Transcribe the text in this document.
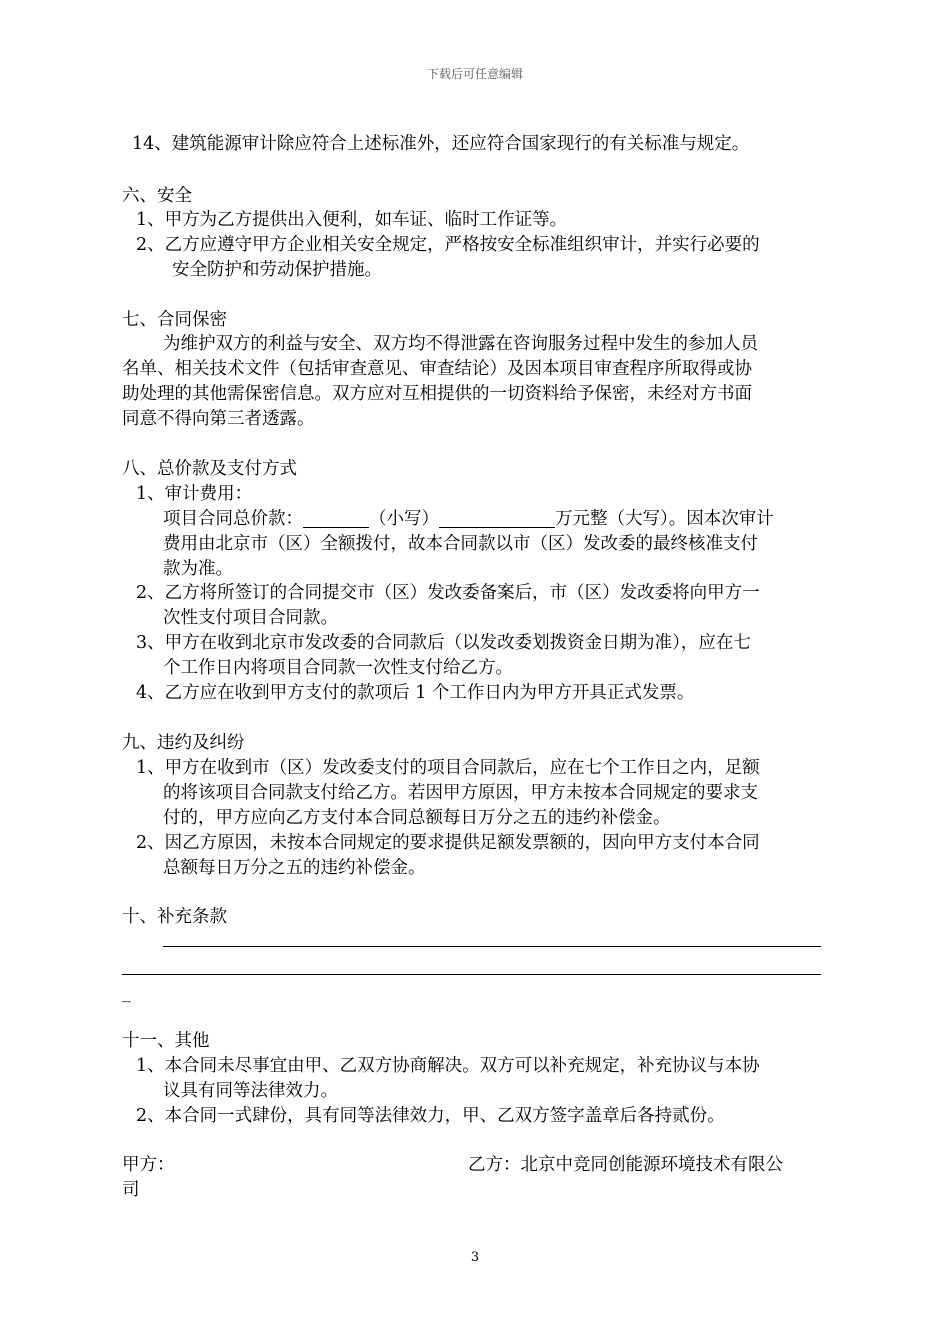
下载后可任意编辑
14、建筑能源审计除应符合上述标准外，还应符合国家现行的有关标准与规定。
六、安全
1、甲方为乙方提供出入便利，如车证、临时工作证等。
2、乙方应遵守甲方企业相关安全规定，严格按安全标准组织审计，并实行必要的
安全防护和劳动保护措施。
七、合同保密
为维护双方的利益与安全、双方均不得泄露在咨询服务过程中发生的参加人员
名单、相关技术文件（包括审查意见、审查结论）及因本项目审查程序所取得或协
助处理的其他需保密信息。双方应对互相提供的一切资料给予保密，未经对方书面
同意不得向第三者透露。
八、总价款及支付方式
1、审计费用：
项目合同总价款：	（小写）	万元整（大写）。因本次审计
费用由北京市（区）全额拨付，故本合同款以市（区）发改委的最终核准支付
款为准。
2、乙方将所签订的合同提交市（区）发改委备案后，市（区）发改委将向甲方一
次性支付项目合同款。
3、甲方在收到北京市发改委的合同款后（以发改委划拨资金日期为准），应在七
个工作日内将项目合同款一次性支付给乙方。
4、乙方应在收到甲方支付的款项后 1 个工作日内为甲方开具正式发票。
九、违约及纠纷
1、甲方在收到市（区）发改委支付的项目合同款后，应在七个工作日之内，足额
的将该项目合同款支付给乙方。若因甲方原因，甲方未按本合同规定的要求支
付的，甲方应向乙方支付本合同总额每日万分之五的违约补偿金。
2、因乙方原因，未按本合同规定的要求提供足额发票额的，因向甲方支付本合同
总额每日万分之五的违约补偿金。
十、补充条款
_
十一、其他
1、本合同未尽事宜由甲、乙双方协商解决。双方可以补充规定，补充协议与本协
议具有同等法律效力。
2、本合同一式肆份，具有同等法律效力，甲、乙双方签字盖章后各持贰份。
甲方：	乙方：北京中竞同创能源环境技术有限公
司
3
